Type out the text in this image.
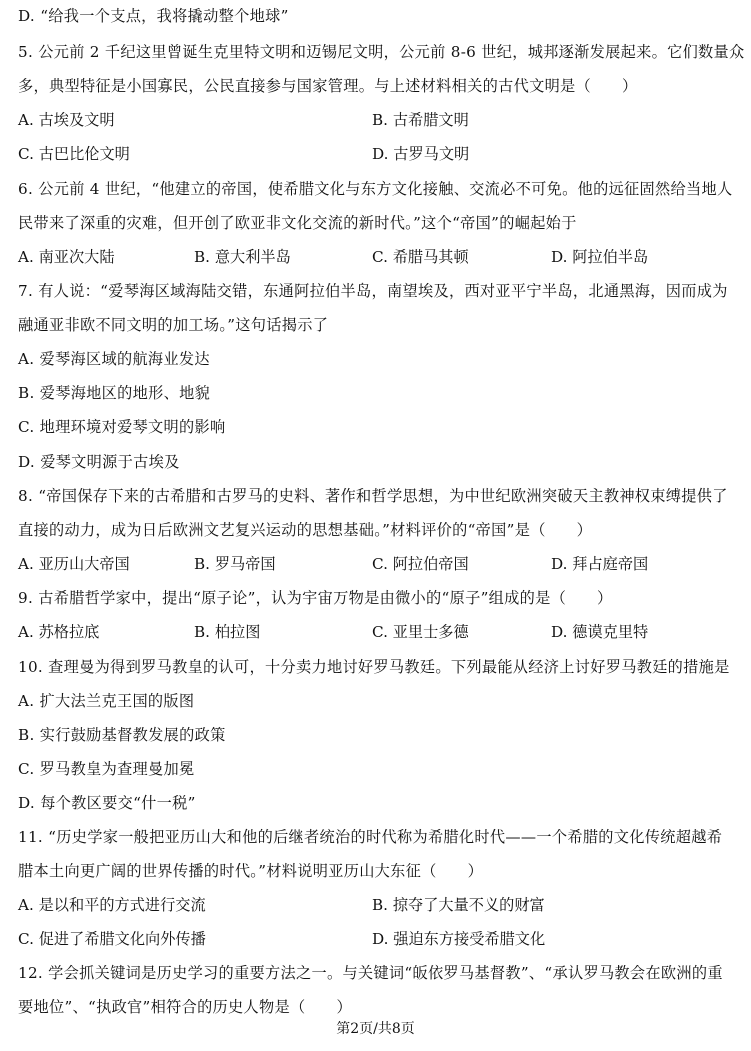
D. “给我一个支点，我将撬动整个地球”
5. 公元前 2 千纪这里曾诞生克里特文明和迈锡尼文明，公元前 8-6 世纪，城邦逐渐发展起来。它们数量众
多，典型特征是小国寡民，公民直接参与国家管理。与上述材料相关的古代文明是（　　）
A. 古埃及文明	B. 古希腊文明
C. 古巴比伦文明	D. 古罗马文明
6. 公元前 4 世纪，“他建立的帝国，使希腊文化与东方文化接触、交流必不可免。他的远征固然给当地人
民带来了深重的灾难，但开创了欧亚非文化交流的新时代。”这个“帝国”的崛起始于
A. 南亚次大陆	B. 意大利半岛	C. 希腊马其顿	D. 阿拉伯半岛
7. 有人说：“爱琴海区域海陆交错，东通阿拉伯半岛，南望埃及，西对亚平宁半岛，北通黑海，因而成为
融通亚非欧不同文明的加工场。”这句话揭示了
A. 爱琴海区域的航海业发达
B. 爱琴海地区的地形、地貌
C. 地理环境对爱琴文明的影响
D. 爱琴文明源于古埃及
8. “帝国保存下来的古希腊和古罗马的史料、著作和哲学思想，为中世纪欧洲突破天主教神权束缚提供了
直接的动力，成为日后欧洲文艺复兴运动的思想基础。”材料评价的“帝国”是（　　）
A. 亚历山大帝国	B. 罗马帝国	C. 阿拉伯帝国	D. 拜占庭帝国
9. 古希腊哲学家中，提出“原子论”，认为宇宙万物是由微小的“原子”组成的是（　　）
A. 苏格拉底	B. 柏拉图	C. 亚里士多德	D. 德谟克里特
10. 查理曼为得到罗马教皇的认可，十分卖力地讨好罗马教廷。下列最能从经济上讨好罗马教廷的措施是
A. 扩大法兰克王国的版图
B. 实行鼓励基督教发展的政策
C. 罗马教皇为查理曼加冕
D. 每个教区要交“什一税”
11. “历史学家一般把亚历山大和他的后继者统治的时代称为希腊化时代——一个希腊的文化传统超越希
腊本土向更广阔的世界传播的时代。”材料说明亚历山大东征（　　）
A. 是以和平的方式进行交流	B. 掠夺了大量不义的财富
C. 促进了希腊文化向外传播	D. 强迫东方接受希腊文化
12. 学会抓关键词是历史学习的重要方法之一。与关键词“皈依罗马基督教”、“承认罗马教会在欧洲的重
要地位”、“执政官”相符合的历史人物是（　　）
第2页/共8页
